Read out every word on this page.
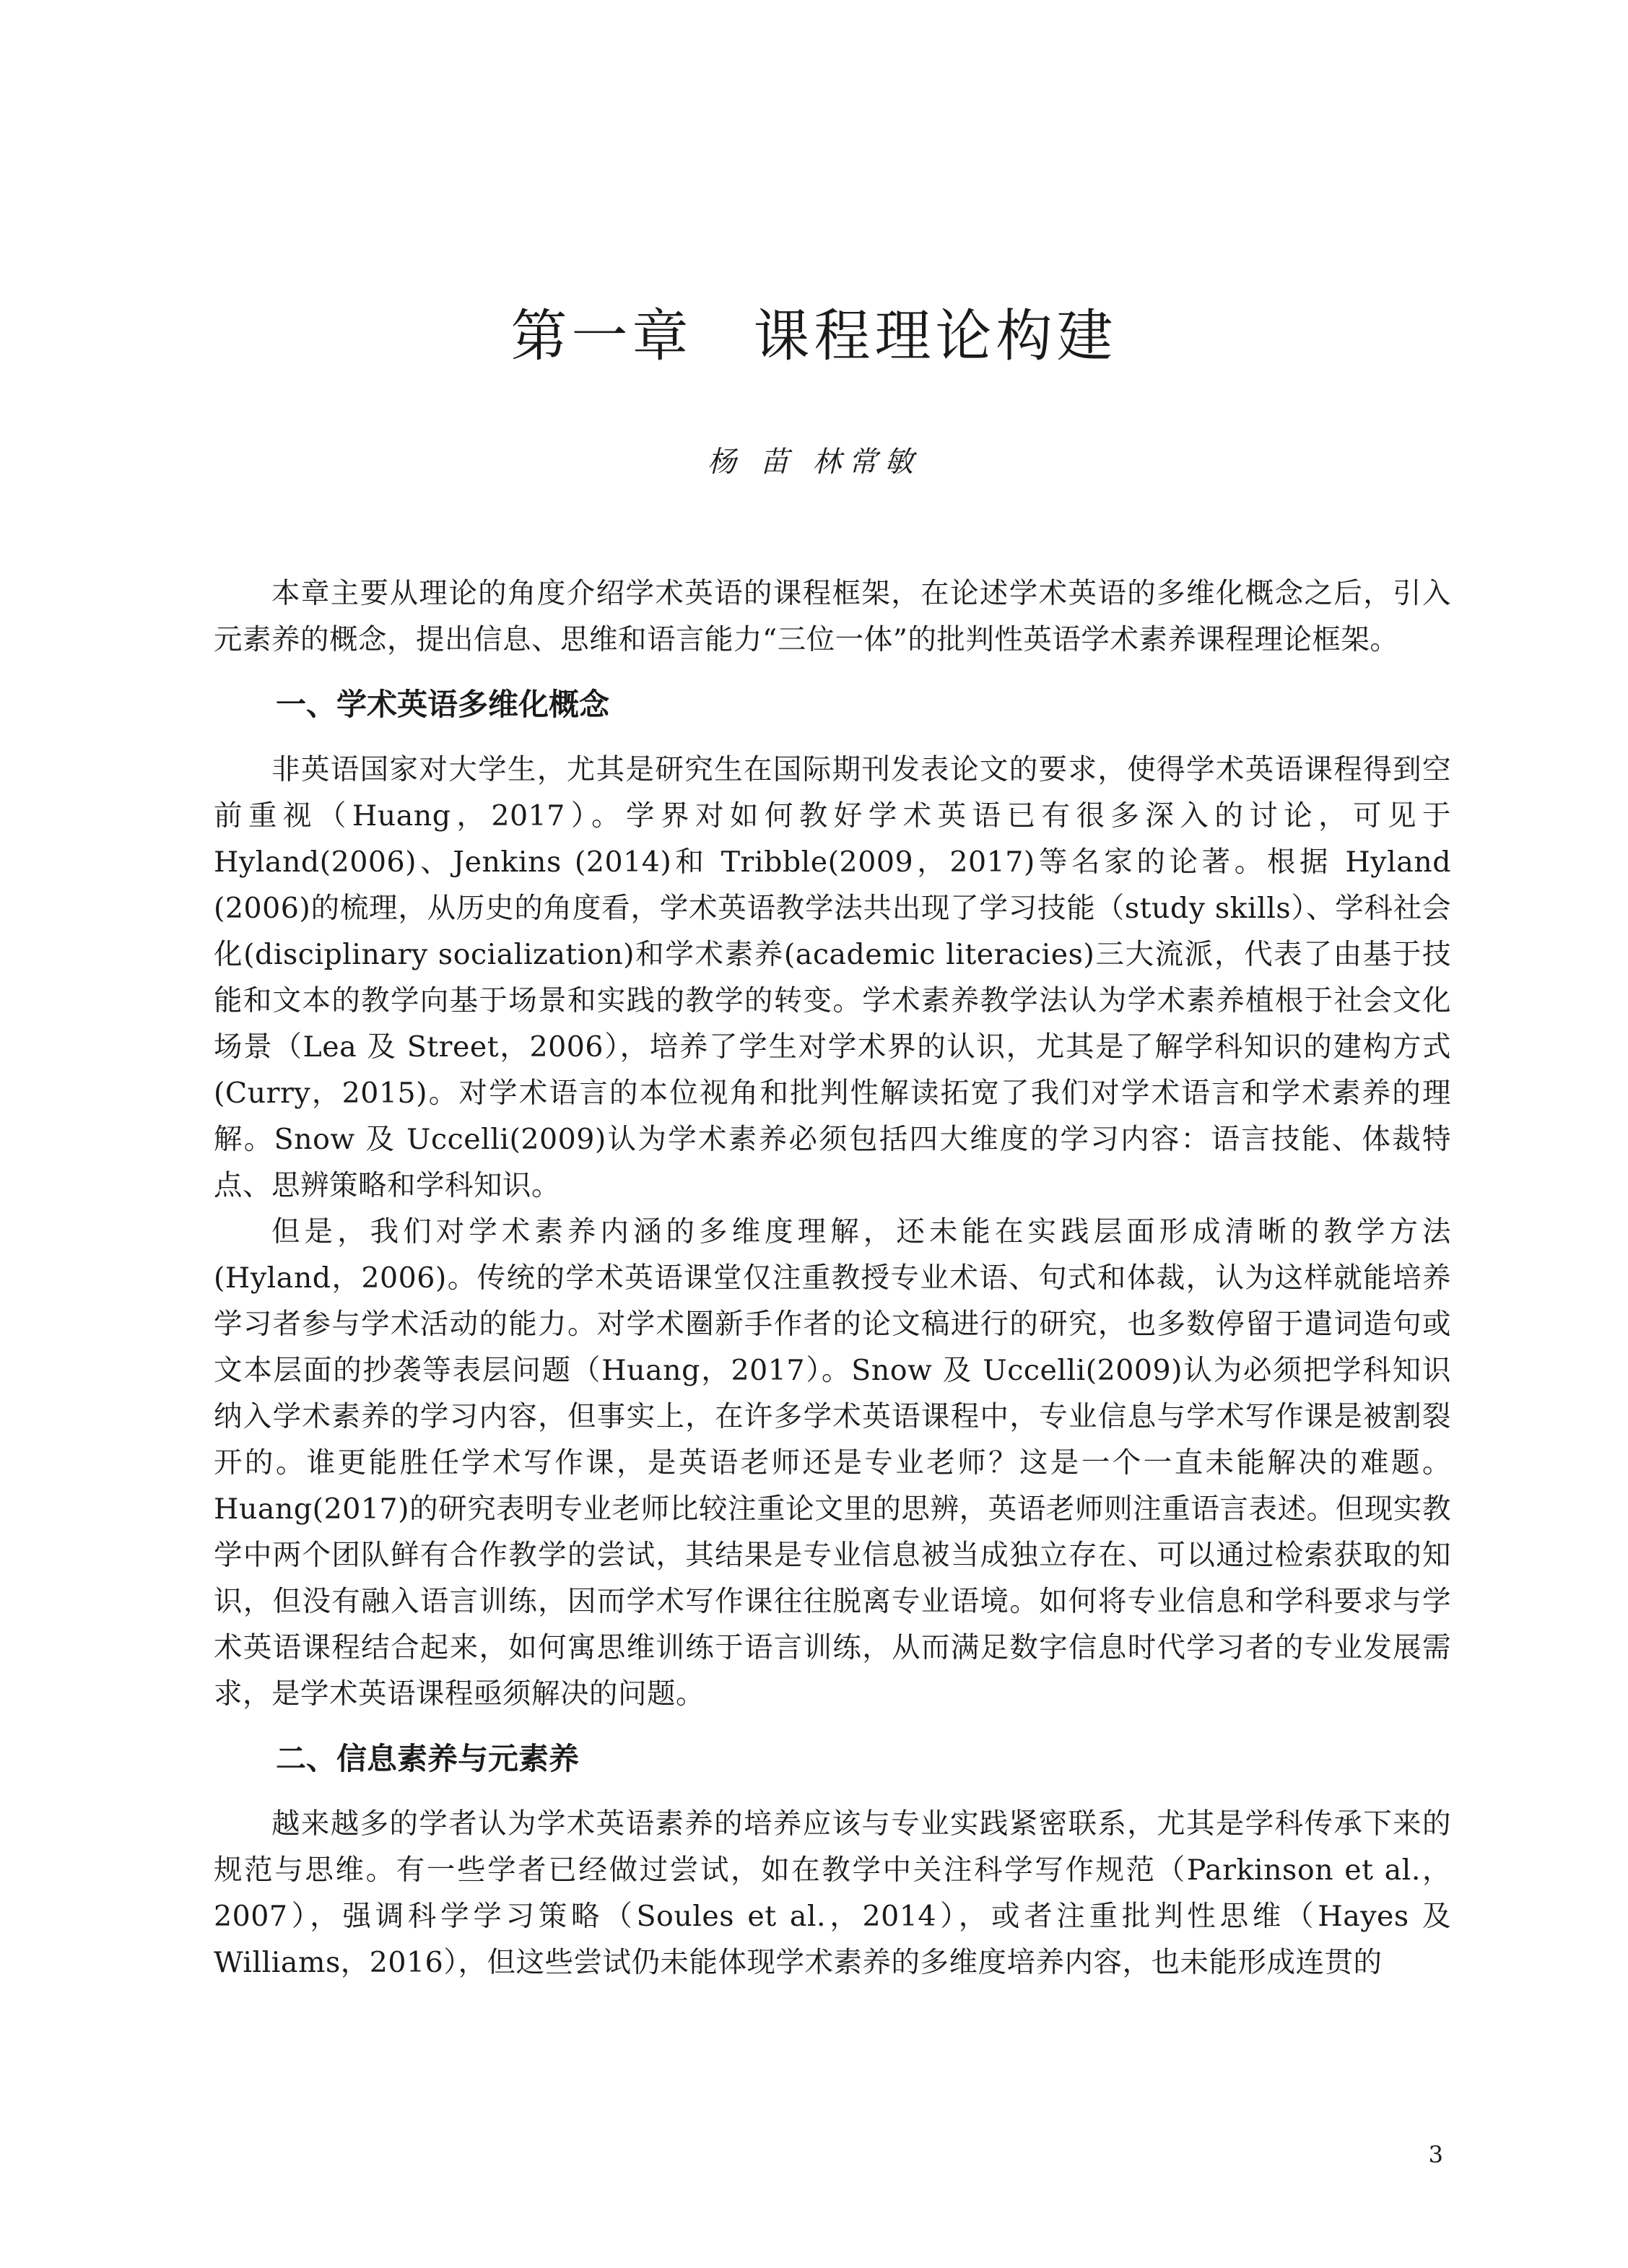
第一章　课程理论构建
杨 苗 林常敏

本章主要从理论的角度介绍学术英语的课程框架，在论述学术英语的多维化概念之后，引入元素养的概念，提出信息、思维和语言能力“三位一体”的批判性英语学术素养课程理论框架。

一、学术英语多维化概念

非英语国家对大学生，尤其是研究生在国际期刊发表论文的要求，使得学术英语课程得到空前重视（Huang，2017）。学界对如何教好学术英语已有很多深入的讨论，可见于Hyland(2006)、Jenkins (2014)和 Tribble(2009，2017)等名家的论著。根据 Hyland (2006)的梳理，从历史的角度看，学术英语教学法共出现了学习技能（study skills）、学科社会化(disciplinary socialization)和学术素养(academic literacies)三大流派，代表了由基于技能和文本的教学向基于场景和实践的教学的转变。学术素养教学法认为学术素养植根于社会文化场景（Lea 及 Street，2006），培养了学生对学术界的认识，尤其是了解学科知识的建构方式(Curry，2015)。对学术语言的本位视角和批判性解读拓宽了我们对学术语言和学术素养的理解。Snow 及 Uccelli(2009)认为学术素养必须包括四大维度的学习内容：语言技能、体裁特点、思辨策略和学科知识。

但是，我们对学术素养内涵的多维度理解，还未能在实践层面形成清晰的教学方法(Hyland，2006)。传统的学术英语课堂仅注重教授专业术语、句式和体裁，认为这样就能培养学习者参与学术活动的能力。对学术圈新手作者的论文稿进行的研究，也多数停留于遣词造句或文本层面的抄袭等表层问题（Huang，2017）。Snow 及 Uccelli(2009)认为必须把学科知识纳入学术素养的学习内容，但事实上，在许多学术英语课程中，专业信息与学术写作课是被割裂开的。谁更能胜任学术写作课，是英语老师还是专业老师？这是一个一直未能解决的难题。Huang(2017)的研究表明专业老师比较注重论文里的思辨，英语老师则注重语言表述。但现实教学中两个团队鲜有合作教学的尝试，其结果是专业信息被当成独立存在、可以通过检索获取的知识，但没有融入语言训练，因而学术写作课往往脱离专业语境。如何将专业信息和学科要求与学术英语课程结合起来，如何寓思维训练于语言训练，从而满足数字信息时代学习者的专业发展需求，是学术英语课程亟须解决的问题。

二、信息素养与元素养

越来越多的学者认为学术英语素养的培养应该与专业实践紧密联系，尤其是学科传承下来的规范与思维。有一些学者已经做过尝试，如在教学中关注科学写作规范（Parkinson et al.，2007），强调科学学习策略（Soules et al.，2014），或者注重批判性思维（Hayes 及 Williams，2016），但这些尝试仍未能体现学术素养的多维度培养内容，也未能形成连贯的

3
